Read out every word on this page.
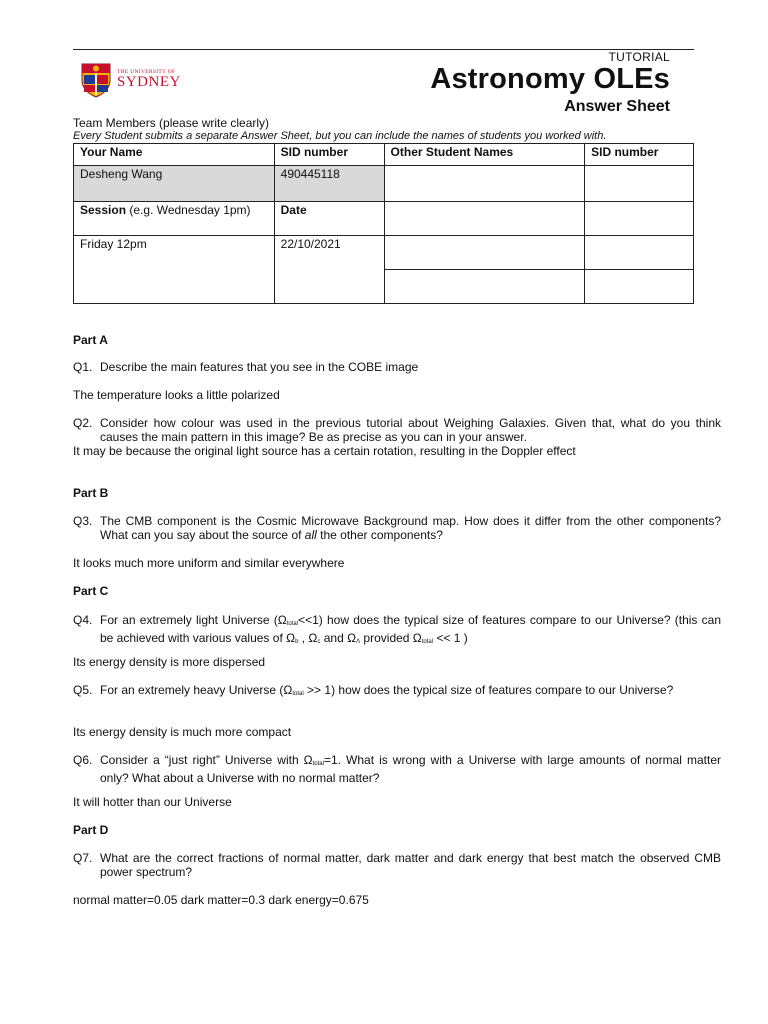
THE UNIVERSITY OF
SYDNEY
TUTORIAL
Astronomy OLEs
Answer Sheet
Team Members (please write clearly)
Every Student submits a separate Answer Sheet, but you can include the names of students you worked with.
Your Name	SID number	Other Student Names	SID number
Desheng Wang	490445118		
Session (e.g. Wednesday 1pm)	Date		
Friday 12pm	22/10/2021		

Part A
Q1. Describe the main features that you see in the COBE image
The temperature looks a little polarized
Q2. Consider how colour was used in the previous tutorial about Weighing Galaxies. Given that, what do you think causes the main pattern in this image? Be as precise as you can in your answer.
It may be because the original light source has a certain rotation, resulting in the Doppler effect
Part B
Q3. The CMB component is the Cosmic Microwave Background map. How does it differ from the other components? What can you say about the source of all the other components?
It looks much more uniform and similar everywhere
Part C
Q4. For an extremely light Universe $(\Omega_{total}<<1)$ how does the typical size of features compare to our Universe? (this can be achieved with various values of $\Omega_b$ , $\Omega_c$ and $\Omega_\Lambda$ provided $\Omega_{total} << 1$ )
Its energy density is more dispersed
Q5. For an extremely heavy Universe $(\Omega_{total} >> 1)$ how does the typical size of features compare to our Universe?
Its energy density is much more compact
Q6. Consider a “just right” Universe with $\Omega_{total}=1$. What is wrong with a Universe with large amounts of normal matter only? What about a Universe with no normal matter?
It will hotter than our Universe
Part D
Q7. What are the correct fractions of normal matter, dark matter and dark energy that best match the observed CMB power spectrum?
normal matter=0.05 dark matter=0.3 dark energy=0.675
